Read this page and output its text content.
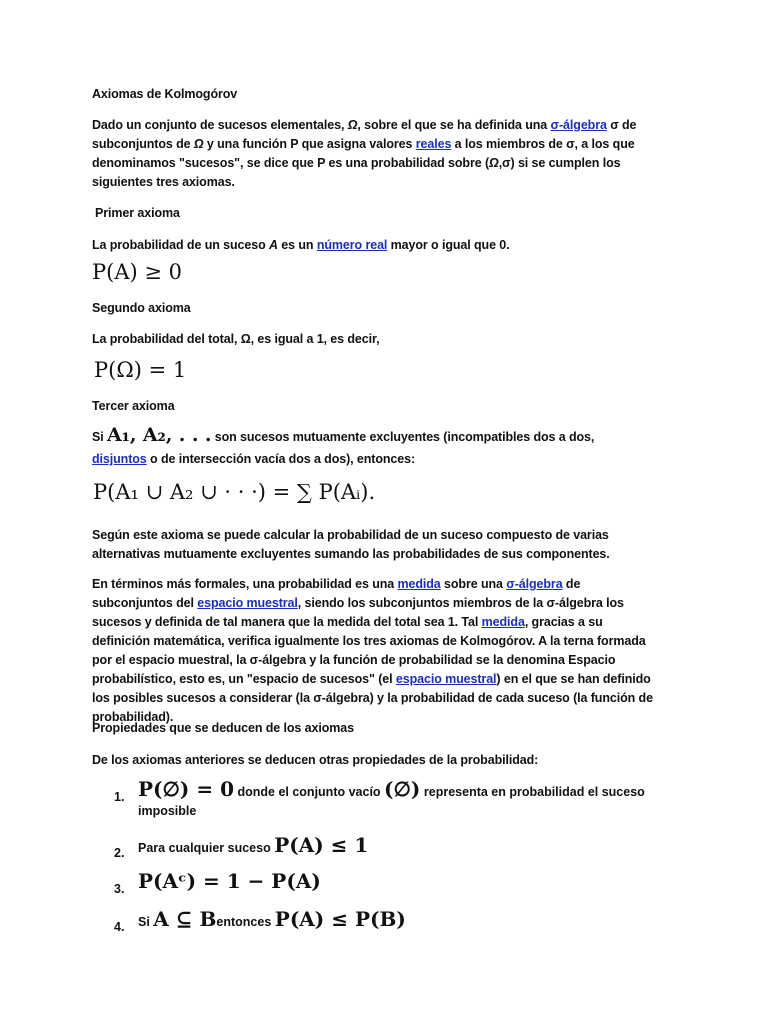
Axiomas de Kolmogórov
Dado un conjunto de sucesos elementales, Ω, sobre el que se ha definida una σ-álgebra σ de subconjuntos de Ω y una función P que asigna valores reales a los miembros de σ, a los que denominamos "sucesos", se dice que P es una probabilidad sobre (Ω,σ) si se cumplen los siguientes tres axiomas.
Primer axioma
La probabilidad de un suceso A es un número real mayor o igual que 0.
P(A) ≥ 0
Segundo axioma
La probabilidad del total, Ω, es igual a 1, es decir,
P(Ω) = 1
Tercer axioma
Si A₁, A₂, . . . son sucesos mutuamente excluyentes (incompatibles dos a dos, disjuntos o de intersección vacía dos a dos), entonces:
P(A₁ ∪ A₂ ∪ · · ·) = ∑ P(Aᵢ).
Según este axioma se puede calcular la probabilidad de un suceso compuesto de varias alternativas mutuamente excluyentes sumando las probabilidades de sus componentes.
En términos más formales, una probabilidad es una medida sobre una σ-álgebra de subconjuntos del espacio muestral, siendo los subconjuntos miembros de la σ-álgebra los sucesos y definida de tal manera que la medida del total sea 1. Tal medida, gracias a su definición matemática, verifica igualmente los tres axiomas de Kolmogórov. A la terna formada por el espacio muestral, la σ-álgebra y la función de probabilidad se la denomina Espacio probabilístico, esto es, un "espacio de sucesos" (el espacio muestral) en el que se han definido los posibles sucesos a considerar (la σ-álgebra) y la probabilidad de cada suceso (la función de probabilidad).
Propiedades que se deducen de los axiomas
De los axiomas anteriores se deducen otras propiedades de la probabilidad:
1. P(∅) = 0 donde el conjunto vacío (∅) representa en probabilidad el suceso imposible
2.	Para cualquier suceso P(A) ≤ 1
3. P(Aᶜ) = 1 − P(A)
4.	Si A ⊆ Bentonces P(A) ≤ P(B)
